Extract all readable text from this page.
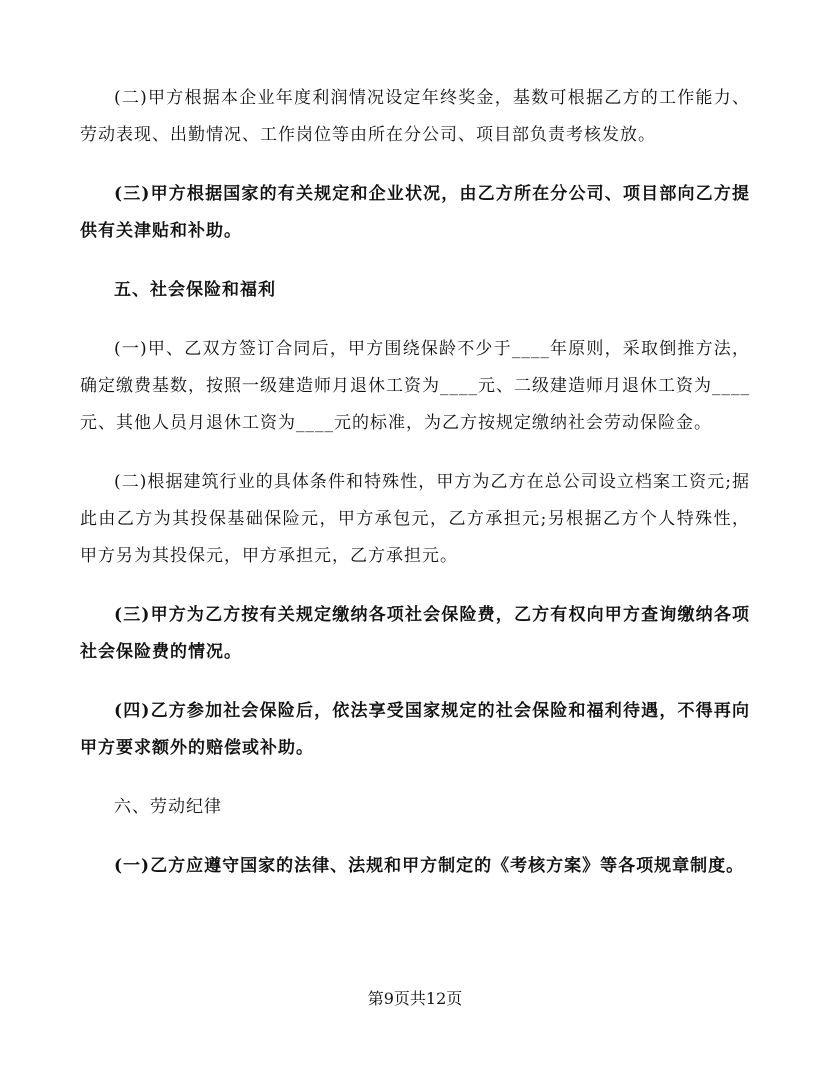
(二)甲方根据本企业年度利润情况设定年终奖金，基数可根据乙方的工作能力、劳动表现、出勤情况、工作岗位等由所在分公司、项目部负责考核发放。

(三)甲方根据国家的有关规定和企业状况，由乙方所在分公司、项目部向乙方提供有关津贴和补助。

五、社会保险和福利

(一)甲、乙双方签订合同后，甲方围绕保龄不少于____年原则，采取倒推方法，确定缴费基数，按照一级建造师月退休工资为____元、二级建造师月退休工资为____元、其他人员月退休工资为____元的标准，为乙方按规定缴纳社会劳动保险金。

(二)根据建筑行业的具体条件和特殊性，甲方为乙方在总公司设立档案工资元;据此由乙方为其投保基础保险元，甲方承包元，乙方承担元;另根据乙方个人特殊性，甲方另为其投保元，甲方承担元，乙方承担元。

(三)甲方为乙方按有关规定缴纳各项社会保险费，乙方有权向甲方查询缴纳各项社会保险费的情况。

(四)乙方参加社会保险后，依法享受国家规定的社会保险和福利待遇，不得再向甲方要求额外的赔偿或补助。

六、劳动纪律

(一)乙方应遵守国家的法律、法规和甲方制定的《考核方案》等各项规章制度。

第9页共12页
